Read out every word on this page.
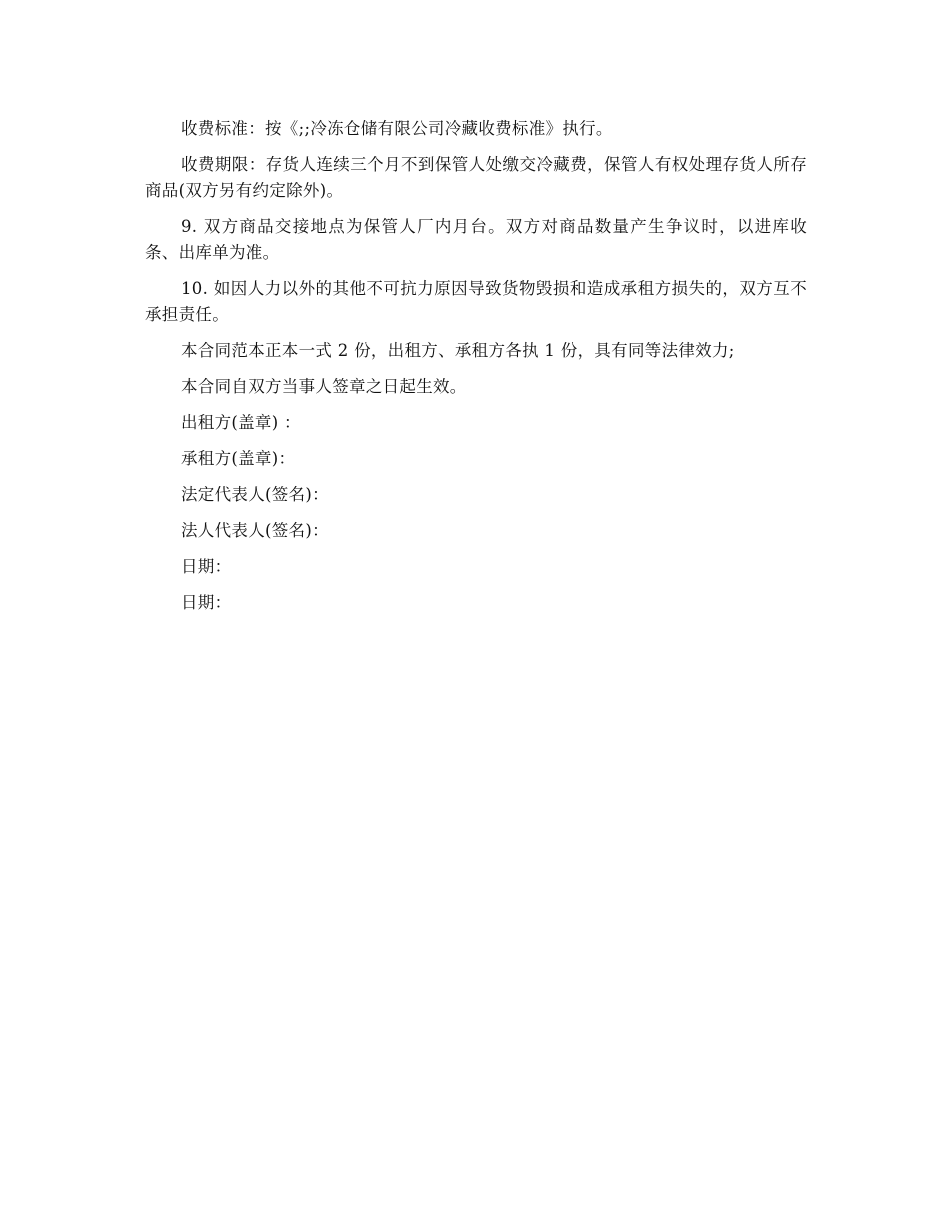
收费标准：按《;;冷冻仓储有限公司冷藏收费标准》执行。

收费期限：存货人连续三个月不到保管人处缴交冷藏费，保管人有权处理存货人所存商品(双方另有约定除外)。

9. 双方商品交接地点为保管人厂内月台。双方对商品数量产生争议时，以进库收条、出库单为准。

10. 如因人力以外的其他不可抗力原因导致货物毁损和造成承租方损失的，双方互不承担责任。

本合同范本正本一式 2 份，出租方、承租方各执 1 份，具有同等法律效力;

本合同自双方当事人签章之日起生效。

出租方(盖章) ：

承租方(盖章)：

法定代表人(签名)：

法人代表人(签名)：

日期：

日期：
